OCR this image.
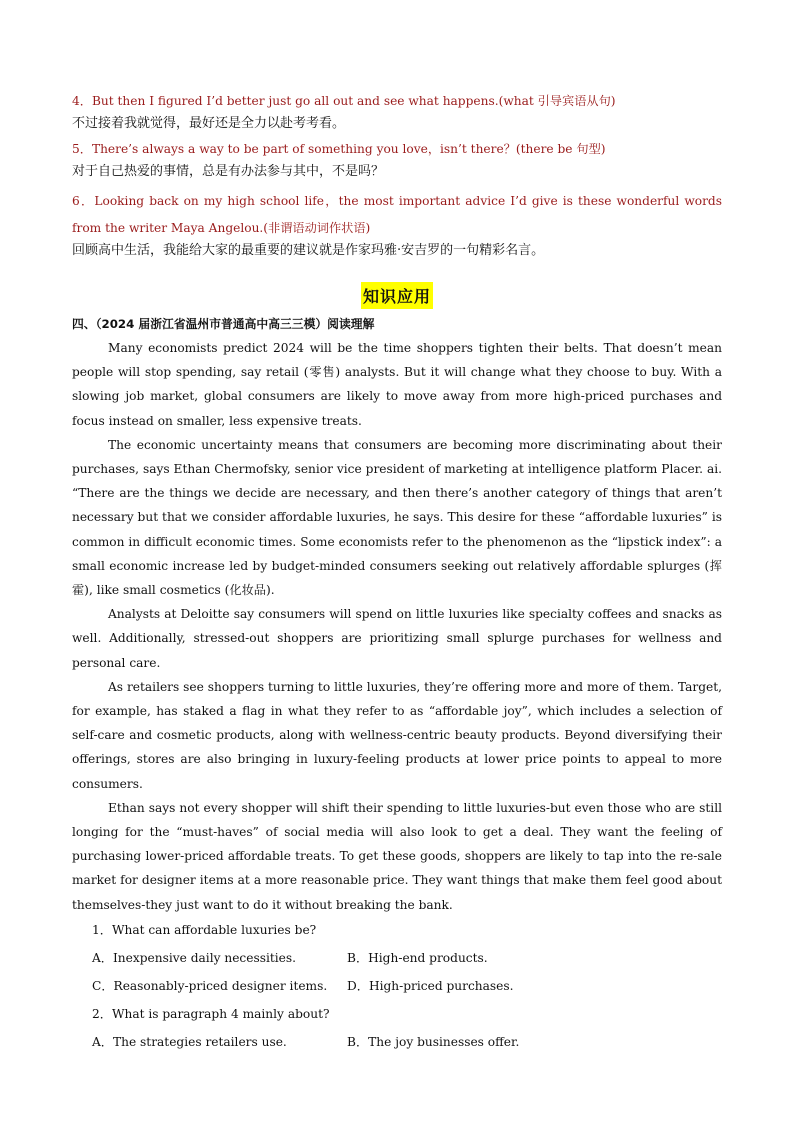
4．But then I figured I’d better just go all out and see what happens.(what 引导宾语从句)

不过接着我就觉得，最好还是全力以赴考考看。

5．There’s always a way to be part of something you love，isn’t there？(there be 句型)

对于自己热爱的事情，总是有办法参与其中，不是吗？

6．Looking back on my high school life，the most important advice I’d give is these wonderful words from the writer Maya Angelou.(非谓语动词作状语)

回顾高中生活，我能给大家的最重要的建议就是作家玛雅·安吉罗的一句精彩名言。

知识应用

四、（2024 届浙江省温州市普通高中高三三模）阅读理解

Many economists predict 2024 will be the time shoppers tighten their belts. That doesn’t mean people will stop spending, say retail (零售) analysts. But it will change what they choose to buy. With a slowing job market, global consumers are likely to move away from more high-priced purchases and focus instead on smaller, less expensive treats.

The economic uncertainty means that consumers are becoming more discriminating about their purchases, says Ethan Chermofsky, senior vice president of marketing at intelligence platform Placer. ai. “There are the things we decide are necessary, and then there’s another category of things that aren’t necessary but that we consider affordable luxuries, he says. This desire for these “affordable luxuries” is common in difficult economic times. Some economists refer to the phenomenon as the “lipstick index”: a small economic increase led by budget-minded consumers seeking out relatively affordable splurges (挥霍), like small cosmetics (化妆品).

Analysts at Deloitte say consumers will spend on little luxuries like specialty coffees and snacks as well. Additionally, stressed-out shoppers are prioritizing small splurge purchases for wellness and personal care.

As retailers see shoppers turning to little luxuries, they’re offering more and more of them. Target, for example, has staked a flag in what they refer to as “affordable joy”, which includes a selection of self-care and cosmetic products, along with wellness-centric beauty products. Beyond diversifying their offerings, stores are also bringing in luxury-feeling products at lower price points to appeal to more consumers.

Ethan says not every shopper will shift their spending to little luxuries-but even those who are still longing for the “must-haves” of social media will also look to get a deal. They want the feeling of purchasing lower-priced affordable treats. To get these goods, shoppers are likely to tap into the re-sale market for designer items at a more reasonable price. They want things that make them feel good about themselves-they just want to do it without breaking the bank.

1．What can affordable luxuries be?

A．Inexpensive daily necessities.	B．High-end products.
C．Reasonably-priced designer items.	D．High-priced purchases.

2．What is paragraph 4 mainly about?

A．The strategies retailers use.	B．The joy businesses offer.
